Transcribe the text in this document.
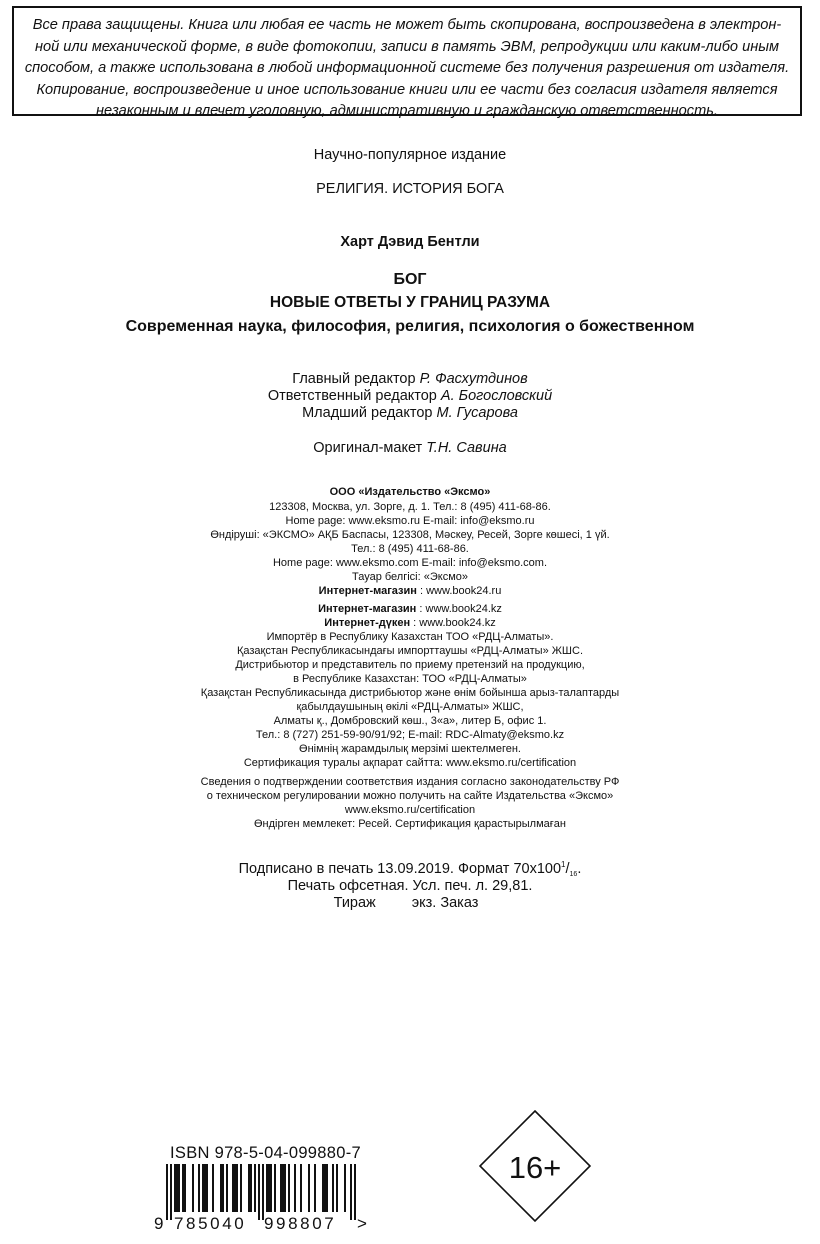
Все права защищены. Книга или любая ее часть не может быть скопирована, воспроизведена в электрон-
ной или механической форме, в виде фотокопии, записи в память ЭВМ, репродукции или каким-либо иным
способом, а также использована в любой информационной системе без получения разрешения от издателя.
Копирование, воспроизведение и иное использование книги или ее части без согласия издателя является
незаконным и влечет уголовную, административную и гражданскую ответственность.
Научно-популярное издание
РЕЛИГИЯ. ИСТОРИЯ БОГА
Харт Дэвид Бентли
БОГ
НОВЫЕ ОТВЕТЫ У ГРАНИЦ РАЗУМА
Современная наука, философия, религия, психология о божественном
Главный редактор Р. Фасхутдинов
Ответственный редактор А. Богословский
Младший редактор М. Гусарова
Оригинал-макет Т.Н. Савина
ООО «Издательство «Эксмо»
123308, Москва, ул. Зорге, д. 1. Тел.: 8 (495) 411-68-86.
Home page: www.eksmo.ru E-mail: info@eksmo.ru
Өндіруші: «ЭКСМО» АҚБ Баспасы, 123308, Мәскеу, Ресей, Зорге көшесі, 1 үй.
Тел.: 8 (495) 411-68-86.
Home page: www.eksmo.com E-mail: info@eksmo.com.
Тауар белгісі: «Эксмо»
Интернет-магазин : www.book24.ru
Интернет-магазин : www.book24.kz
Интернет-дүкен : www.book24.kz
Импортёр в Республику Казахстан ТОО «РДЦ-Алматы».
Қазақстан Республикасындағы импорттаушы «РДЦ-Алматы» ЖШС.
Дистрибьютор и представитель по приему претензий на продукцию,
в Республике Казахстан: ТОО «РДЦ-Алматы»
Қазақстан Республикасында дистрибьютор және өнім бойынша арыз-талаптарды
қабылдаушының өкілі «РДЦ-Алматы» ЖШС,
Алматы қ., Домбровский көш., 3«а», литер Б, офис 1.
Тел.: 8 (727) 251-59-90/91/92; E-mail: RDC-Almaty@eksmo.kz
Өнімнің жарамдылық мерзімі шектелмеген.
Сертификация туралы ақпарат сайтта: www.eksmo.ru/certification
Сведения о подтверждении соответствия издания согласно законодательству РФ
о техническом регулировании можно получить на сайте Издательства «Эксмо»
www.eksmo.ru/certification
Өндірген мемлекет: Ресей. Сертификация қарастырылмаған
Подписано в печать 13.09.2019. Формат $70x100^1/_{16}$.
Печать офсетная. Усл. печ. л. 29,81.
Тираж экз. Заказ
ISBN 978-5-04-099880-7
9 785040 998807 >
16+
